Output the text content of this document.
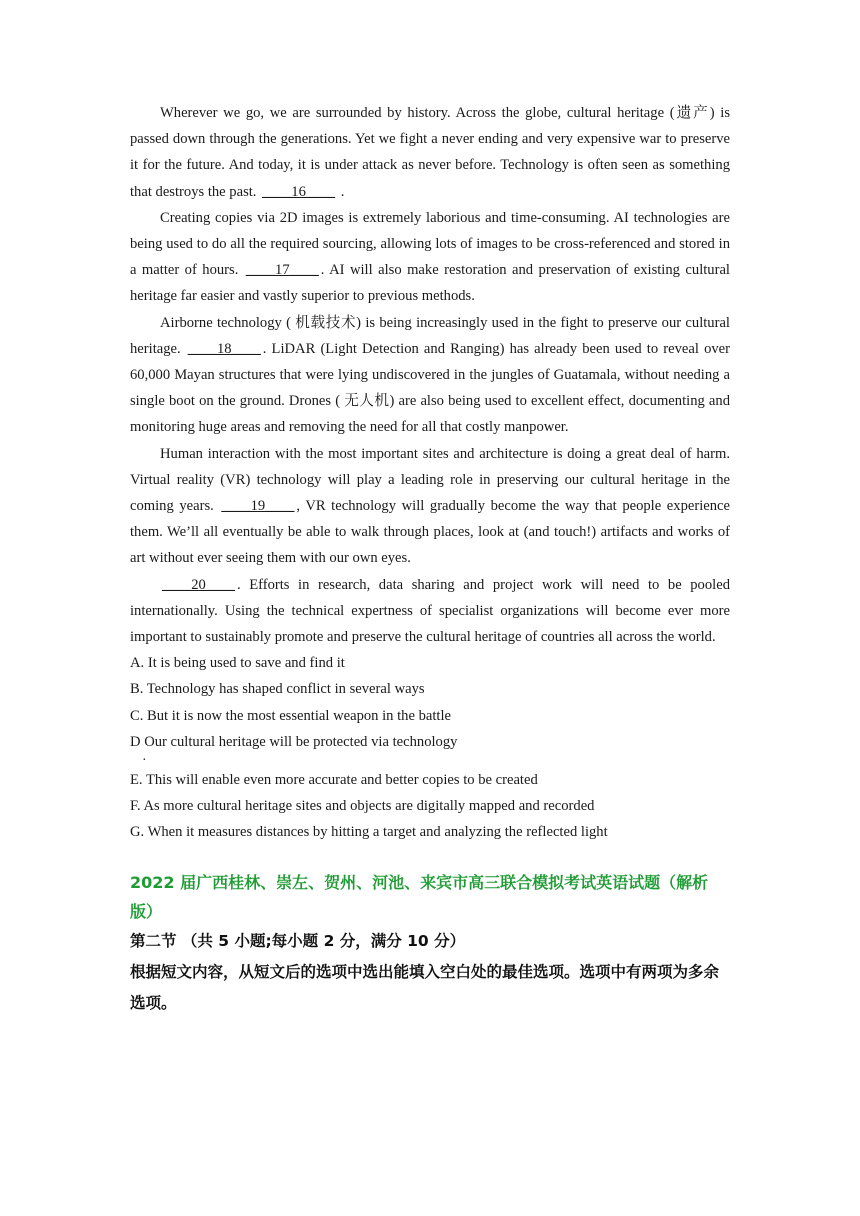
Wherever we go, we are surrounded by history. Across the globe, cultural heritage (遗产) is passed down through the generations. Yet we fight a never ending and very expensive war to preserve it for the future. And today, it is under attack as never before. Technology is often seen as something that destroys the past. ____16____ .

Creating copies via 2D images is extremely laborious and time-consuming. AI technologies are being used to do all the required sourcing, allowing lots of images to be cross-referenced and stored in a matter of hours. ____17____ . AI will also make restoration and preservation of existing cultural heritage far easier and vastly superior to previous methods.

Airborne technology ( 机载技术) is being increasingly used in the fight to preserve our cultural heritage. ____18____ . LiDAR (Light Detection and Ranging) has already been used to reveal over 60,000 Mayan structures that were lying undiscovered in the jungles of Guatamala, without needing a single boot on the ground. Drones ( 无人机) are also being used to excellent effect, documenting and monitoring huge areas and removing the need for all that costly manpower.

Human interaction with the most important sites and architecture is doing a great deal of harm. Virtual reality (VR) technology will play a leading role in preserving our cultural heritage in the coming years. ____19____ , VR technology will gradually become the way that people experience them. We’ll all eventually be able to walk through places, look at (and touch!) artifacts and works of art without ever seeing them with our own eyes.

____20____ . Efforts in research, data sharing and project work will need to be pooled internationally. Using the technical expertness of specialist organizations will become ever more important to sustainably promote and preserve the cultural heritage of countries all across the world.

A. It is being used to save and find it
B. Technology has shaped conflict in several ways
C. But it is now the most essential weapon in the battle
D Our cultural heritage will be protected via technology
·
E. This will enable even more accurate and better copies to be created
F. As more cultural heritage sites and objects are digitally mapped and recorded
G. When it measures distances by hitting a target and analyzing the reflected light
2022 届广西桂林、崇左、贺州、河池、来宾市高三联合模拟考试英语试题（解析版）
第二节 （共 5 小题;每小题 2 分，满分 10 分）
根据短文内容，从短文后的选项中选出能填入空白处的最佳选项。选项中有两项为多余选项。
